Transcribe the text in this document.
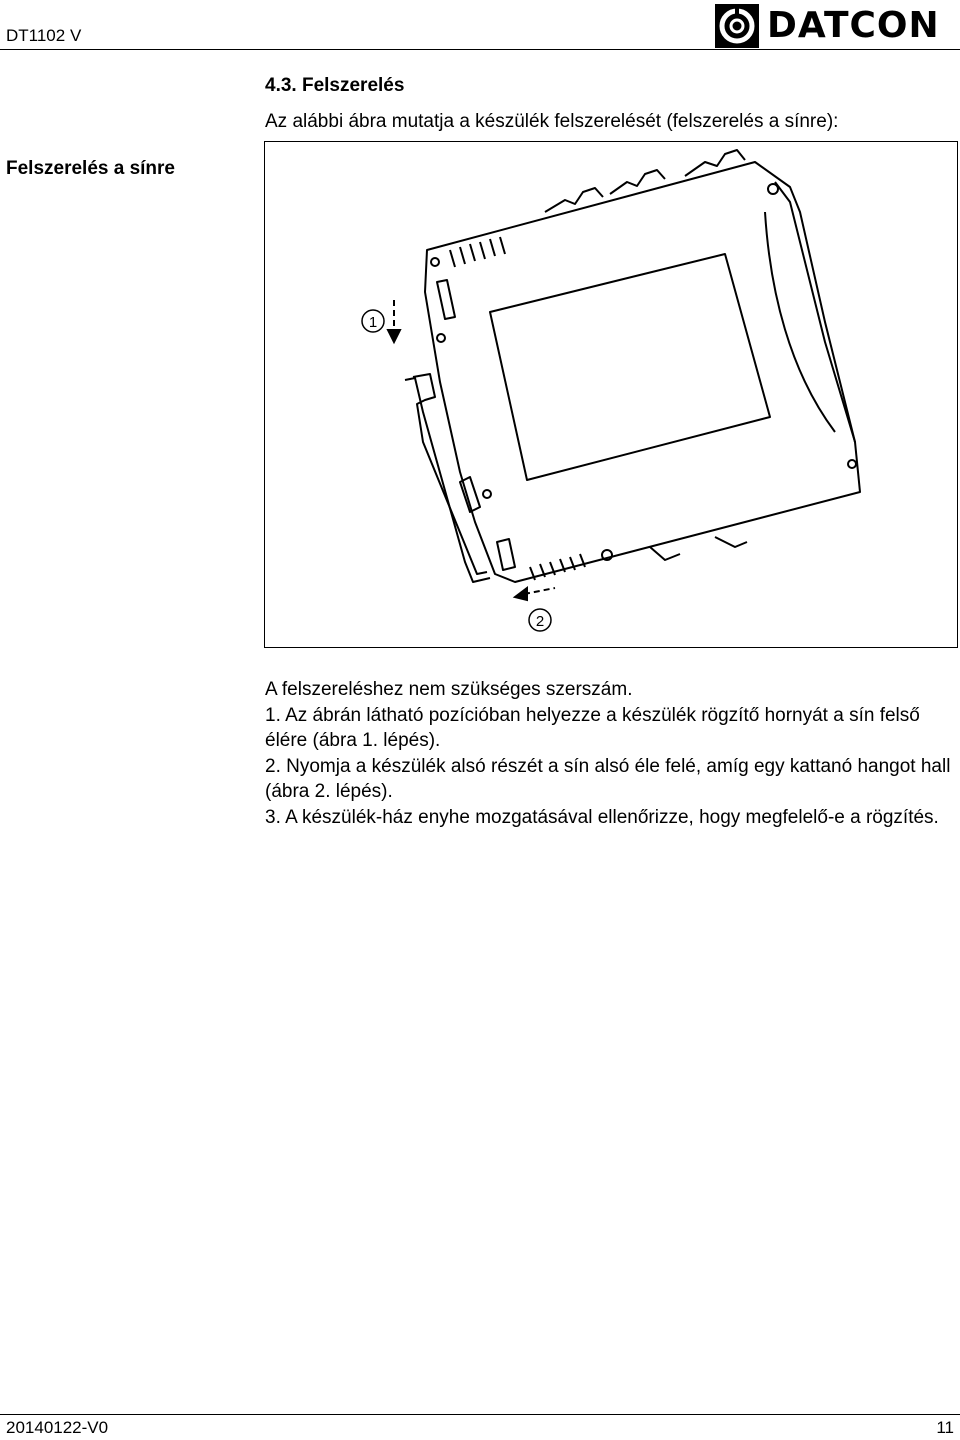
DT1102 V	DATCON
4.3. Felszerelés
Az alábbi ábra mutatja a készülék felszerelését (felszerelés a sínre):
Felszerelés a sínre
1
2

A felszereléshez nem szükséges szerszám.

1. Az ábrán látható pozícióban helyezze a készülék rögzítő hornyát a sín felső élére (ábra 1. lépés).

2. Nyomja a készülék alsó részét a sín alsó éle felé, amíg egy kattanó hangot hall (ábra 2. lépés).

3. A készülék-ház enyhe mozgatásával ellenőrizze, hogy megfelelő-e a rögzítés.

20140122-V0	11
